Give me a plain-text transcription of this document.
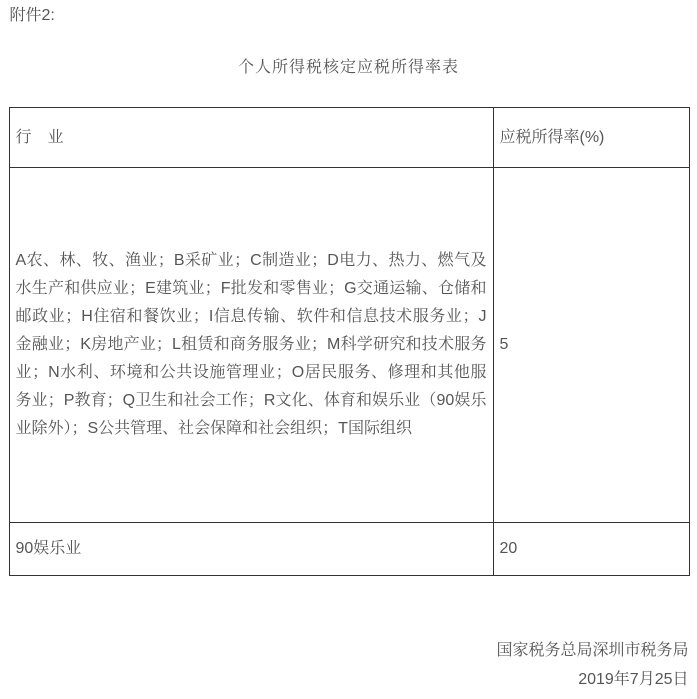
附件2:
个人所得税核定应税所得率表
行　业	应税所得率(%)
A农、林、牧、渔业；B采矿业；C制造业；D电力、热力、燃气及水生产和供应业；E建筑业；F批发和零售业；G交通运输、仓储和邮政业；H住宿和餐饮业；I信息传输、软件和信息技术服务业；J金融业；K房地产业；L租赁和商务服务业；M科学研究和技术服务业；N水利、环境和公共设施管理业；O居民服务、修理和其他服务业；P教育；Q卫生和社会工作；R文化、体育和娱乐业（90娱乐业除外）；S公共管理、社会保障和社会组织；T国际组织	5
90娱乐业	20
国家税务总局深圳市税务局
2019年7月25日
